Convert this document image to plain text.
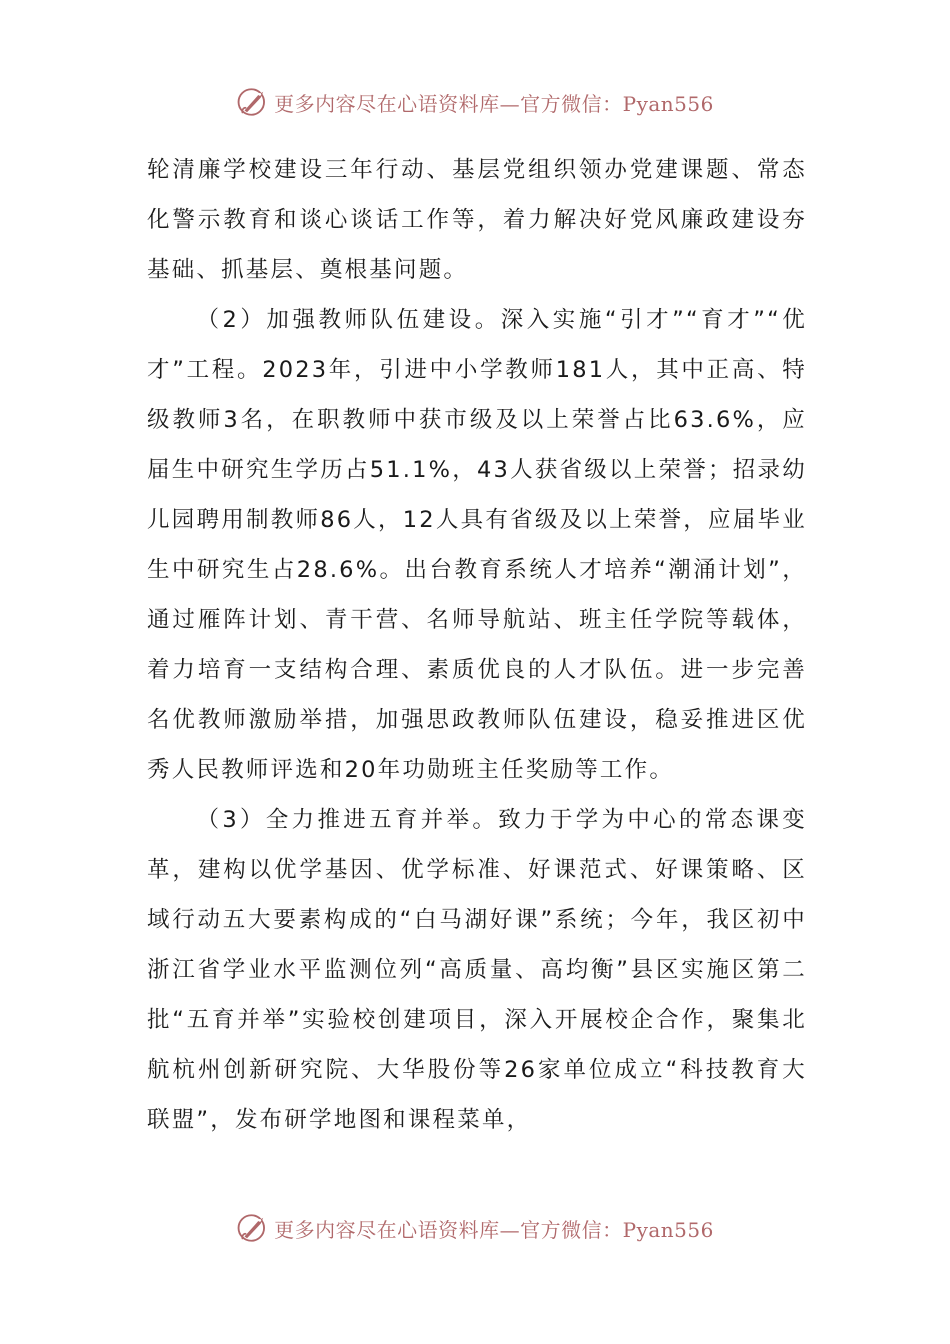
更多内容尽在心语资料库—官方微信：Pyan556

轮清廉学校建设三年行动、基层党组织领办党建课题、常态化警示教育和谈心谈话工作等，着力解决好党风廉政建设夯基础、抓基层、奠根基问题。

（2）加强教师队伍建设。深入实施“引才”“育才”“优才”工程。2023年，引进中小学教师181人，其中正高、特级教师3名，在职教师中获市级及以上荣誉占比63.6%，应届生中研究生学历占51.1%，43人获省级以上荣誉；招录幼儿园聘用制教师86人，12人具有省级及以上荣誉，应届毕业生中研究生占28.6%。出台教育系统人才培养“潮涌计划”，通过雁阵计划、青干营、名师导航站、班主任学院等载体，着力培育一支结构合理、素质优良的人才队伍。进一步完善名优教师激励举措，加强思政教师队伍建设，稳妥推进区优秀人民教师评选和20年功勋班主任奖励等工作。

（3）全力推进五育并举。致力于学为中心的常态课变革，建构以优学基因、优学标准、好课范式、好课策略、区域行动五大要素构成的“白马湖好课”系统；今年，我区初中浙江省学业水平监测位列“高质量、高均衡”县区实施区第二批“五育并举”实验校创建项目，深入开展校企合作，聚集北航杭州创新研究院、大华股份等26家单位成立“科技教育大联盟”，发布研学地图和课程菜单，

更多内容尽在心语资料库—官方微信：Pyan556
